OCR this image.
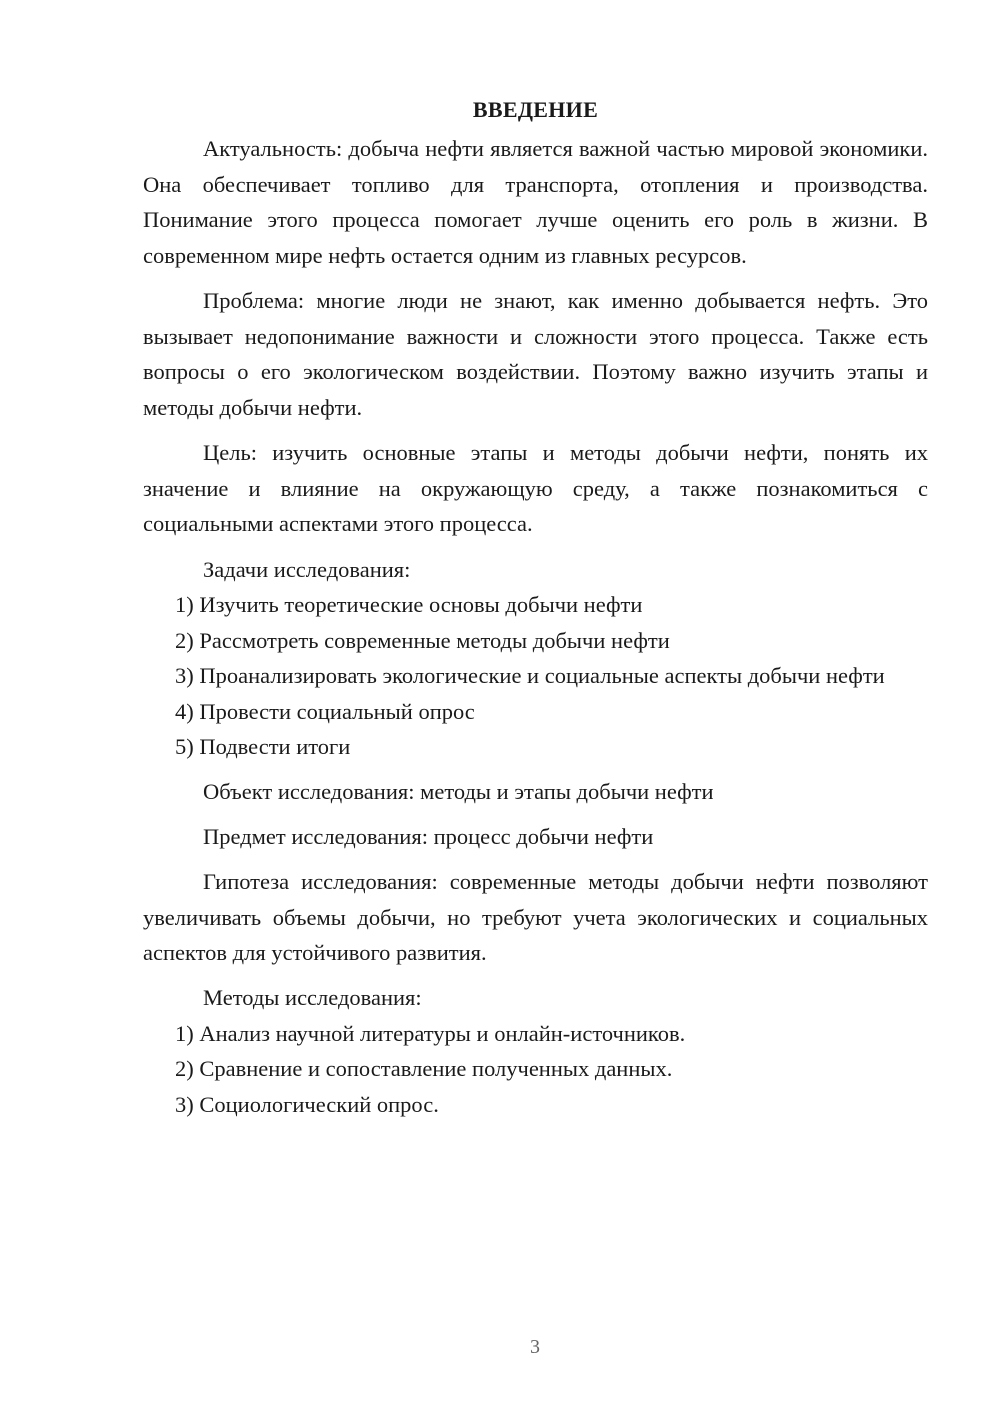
ВВЕДЕНИЕ

Актуальность: добыча нефти является важной частью мировой экономики. Она обеспечивает топливо для транспорта, отопления и производства. Понимание этого процесса помогает лучше оценить его роль в жизни. В современном мире нефть остается одним из главных ресурсов.

Проблема: многие люди не знают, как именно добывается нефть. Это вызывает недопонимание важности и сложности этого процесса. Также есть вопросы о его экологическом воздействии. Поэтому важно изучить этапы и методы добычи нефти.

Цель: изучить основные этапы и методы добычи нефти, понять их значение и влияние на окружающую среду, а также познакомиться с социальными аспектами этого процесса.

Задачи исследования:

1) Изучить теоретические основы добычи нефти

2) Рассмотреть современные методы добычи нефти

3) Проанализировать экологические и социальные аспекты добычи нефти

4) Провести социальный опрос

5) Подвести итоги

Объект исследования: методы и этапы добычи нефти

Предмет исследования: процесс добычи нефти

Гипотеза исследования: современные методы добычи нефти позволяют увеличивать объемы добычи, но требуют учета экологических и социальных аспектов для устойчивого развития.

Методы исследования:

1) Анализ научной литературы и онлайн-источников.

2) Сравнение и сопоставление полученных данных.

3) Социологический опрос.

3
